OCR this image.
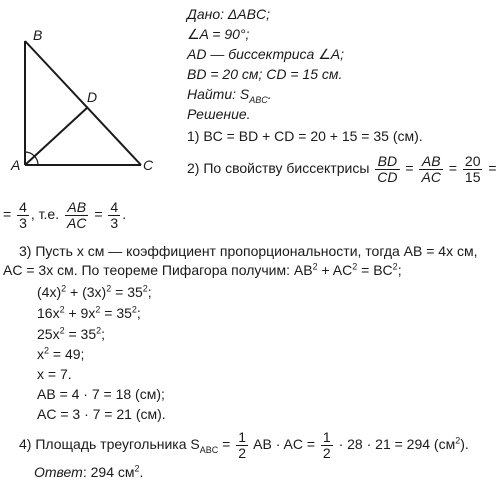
B
D
A	C
Дано: ΔABC;
∠A = 90°;
AD — биссектриса ∠A;
BD = 20 см; CD = 15 см.
Найти: $S_{ABC}$.
Решение.
1) BC = BD + CD = 20 + 15 = 35 (см).
2) По свойству биссектрисы $\frac{BD}{CD} = \frac{AB}{AC} = \frac{20}{15}$ =
= $\frac{4}{3}$ , т.е. $\frac{AB}{AC} = \frac{4}{3}$ .
3) Пусть x см — коэффициент пропорциональности, тогда AB = 4x см,
AC = 3x см. По теореме Пифагора получим: $AB^2 + AC^2 = BC^2$;
$(4x)^2 + (3x)^2 = 35^2$;
$16x^2 + 9x^2 = 35^2$;
$25x^2 = 35^2$;
$x^2 = 49$;
x = 7.
AB = 4 · 7 = 18 (см);
AC = 3 · 7 = 21 (см).
4) Площадь треугольника $S_{ABC} = \frac{1}{2}$ AB · AC = $\frac{1}{2} \cdot 28 \cdot 21 = 294$ $(см^2)$.
Ответ: 294 $см^2$.
